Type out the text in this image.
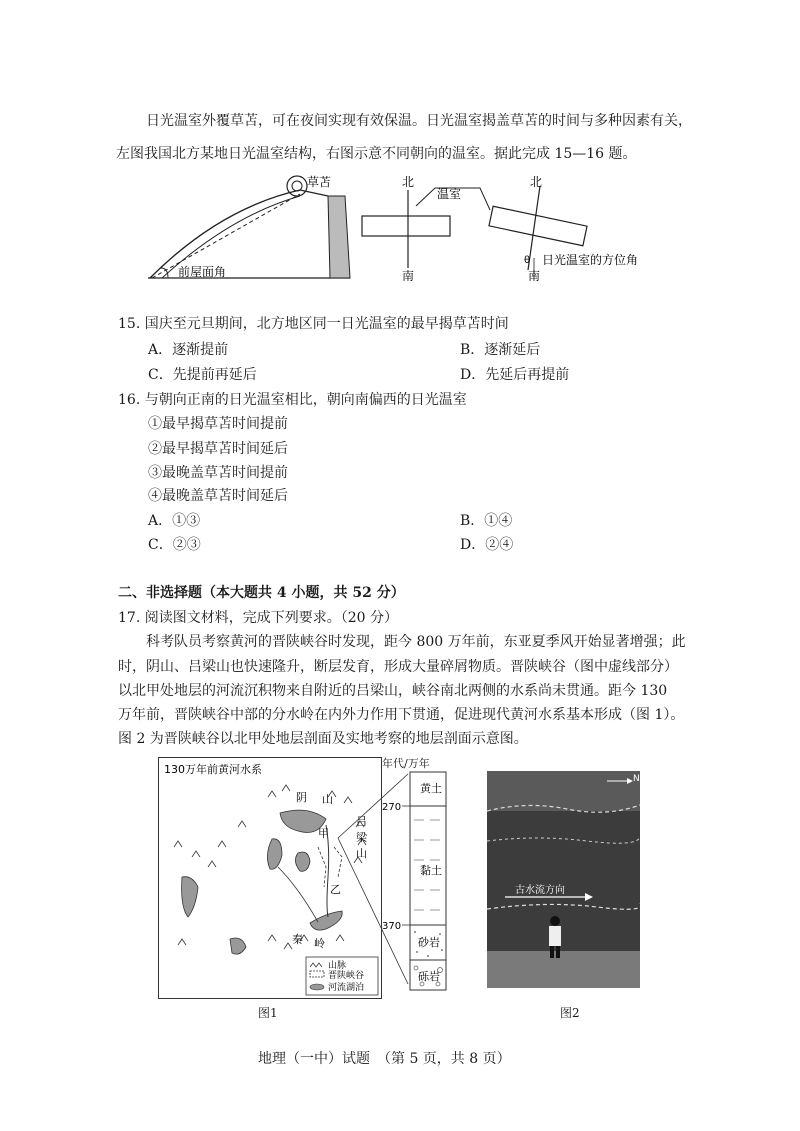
日光温室外覆草苫，可在夜间实现有效保温。日光温室揭盖草苫的时间与多种因素有关，
左图我国北方某地日光温室结构，右图示意不同朝向的温室。据此完成 15—16 题。
草苫
前屋面角
北
南
温室
北
南
θ 日光温室的方位角
15. 国庆至元旦期间，北方地区同一日光温室的最早揭草苫时间
A．逐渐提前	B．逐渐延后
C．先提前再延后	D．先延后再提前
16. 与朝向正南的日光温室相比，朝向南偏西的日光温室
①最早揭草苫时间提前
②最早揭草苫时间延后
③最晚盖草苫时间提前
④最晚盖草苫时间延后
A．①③	B．①④
C．②③	D．②④
二、非选择题（本大题共 4 小题，共 52 分）
17. 阅读图文材料，完成下列要求。（20 分）
科考队员考察黄河的晋陕峡谷时发现，距今 800 万年前，东亚夏季风开始显著增强；此
时，阴山、吕梁山也快速隆升，断层发育，形成大量碎屑物质。晋陕峡谷（图中虚线部分）
以北甲处地层的河流沉积物来自附近的吕梁山，峡谷南北两侧的水系尚未贯通。距今 130
万年前，晋陕峡谷中部的分水岭在内外力作用下贯通，促进现代黄河水系基本形成（图 1）。
图 2 为晋陕峡谷以北甲处地层剖面及实地考察的地层剖面示意图。
130万年前黄河水系
阴 山
吕
梁
山
甲
乙
秦 岭
山脉
晋陕峡谷
河流湖泊
年代/万年
270
370
黄土
黏土
砂岩
砾岩
古水流方向
N
图1	图2
地理（一中）试题　（第 5 页，共 8 页）
